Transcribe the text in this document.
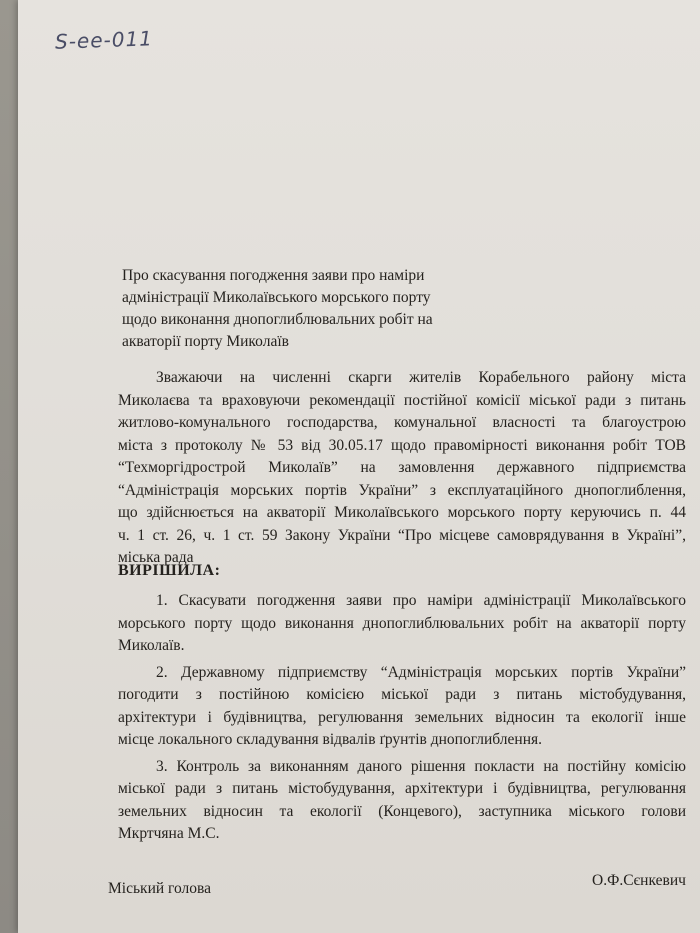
S-ee-011
Про скасування погодження заяви про наміри
адміністрації Миколаївського морського порту
щодо виконання днопоглиблювальних робіт на
акваторії порту Миколаїв
Зважаючи на численні скарги жителів Корабельного району міста
Миколаєва та враховуючи рекомендації постійної комісії міської ради з питань
житлово-комунального господарства, комунальної власності та благоустрою
міста з протоколу № 53 від 30.05.17 щодо правомірності виконання робіт ТОВ
“Техморгідрострой Миколаїв” на замовлення державного підприємства
“Адміністрація морських портів України” з експлуатаційного днопоглиблення,
що здійснюється на акваторії Миколаївського морського порту керуючись п. 44
ч. 1 ст. 26, ч. 1 ст. 59 Закону України “Про місцеве самоврядування в Україні”,
міська рада
ВИРІШИЛА:
1. Скасувати погодження заяви про наміри адміністрації Миколаївського
морського порту щодо виконання днопоглиблювальних робіт на акваторії порту
Миколаїв.
2. Державному підприємству “Адміністрація морських портів України”
погодити з постійною комісією міської ради з питань містобудування,
архітектури і будівництва, регулювання земельних відносин та екології інше
місце локального складування відвалів ґрунтів днопоглиблення.
3. Контроль за виконанням даного рішення покласти на постійну комісію
міської ради з питань містобудування, архітектури і будівництва, регулювання
земельних відносин та екології (Концевого), заступника міського голови
Мкртчяна М.С.
Міський голова	О.Ф.Сєнкевич
